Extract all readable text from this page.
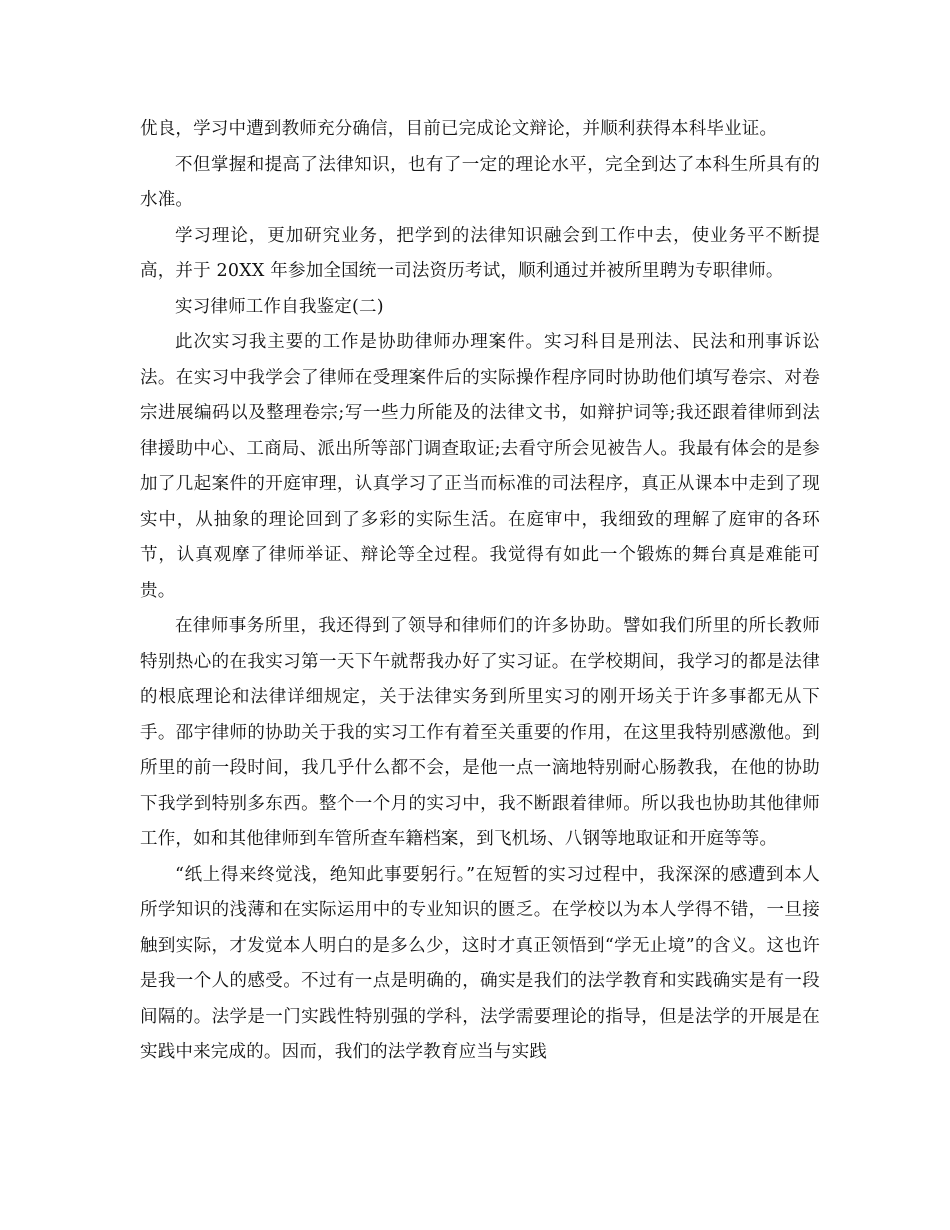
优良，学习中遭到教师充分确信，目前已完成论文辩论，并顺利获得本科毕业证。

不但掌握和提高了法律知识，也有了一定的理论水平，完全到达了本科生所具有的水准。

学习理论，更加研究业务，把学到的法律知识融会到工作中去，使业务平不断提高，并于 20XX 年参加全国统一司法资历考试，顺利通过并被所里聘为专职律师。

实习律师工作自我鉴定(二)

此次实习我主要的工作是协助律师办理案件。实习科目是刑法、民法和刑事诉讼法。在实习中我学会了律师在受理案件后的实际操作程序同时协助他们填写卷宗、对卷宗进展编码以及整理卷宗;写一些力所能及的法律文书，如辩护词等;我还跟着律师到法律援助中心、工商局、派出所等部门调查取证;去看守所会见被告人。我最有体会的是参加了几起案件的开庭审理，认真学习了正当而标准的司法程序，真正从课本中走到了现实中，从抽象的理论回到了多彩的实际生活。在庭审中，我细致的理解了庭审的各环节，认真观摩了律师举证、辩论等全过程。我觉得有如此一个锻炼的舞台真是难能可贵。

在律师事务所里，我还得到了领导和律师们的许多协助。譬如我们所里的所长教师特别热心的在我实习第一天下午就帮我办好了实习证。在学校期间，我学习的都是法律的根底理论和法律详细规定，关于法律实务到所里实习的刚开场关于许多事都无从下手。邵宇律师的协助关于我的实习工作有着至关重要的作用，在这里我特别感激他。到所里的前一段时间，我几乎什么都不会，是他一点一滴地特别耐心肠教我，在他的协助下我学到特别多东西。整个一个月的实习中，我不断跟着律师。所以我也协助其他律师工作，如和其他律师到车管所查车籍档案，到飞机场、八钢等地取证和开庭等等。

“纸上得来终觉浅，绝知此事要躬行。”在短暂的实习过程中，我深深的感遭到本人所学知识的浅薄和在实际运用中的专业知识的匮乏。在学校以为本人学得不错，一旦接触到实际，才发觉本人明白的是多么少，这时才真正领悟到“学无止境”的含义。这也许是我一个人的感受。不过有一点是明确的，确实是我们的法学教育和实践确实是有一段间隔的。法学是一门实践性特别强的学科，法学需要理论的指导，但是法学的开展是在实践中来完成的。因而，我们的法学教育应当与实践
